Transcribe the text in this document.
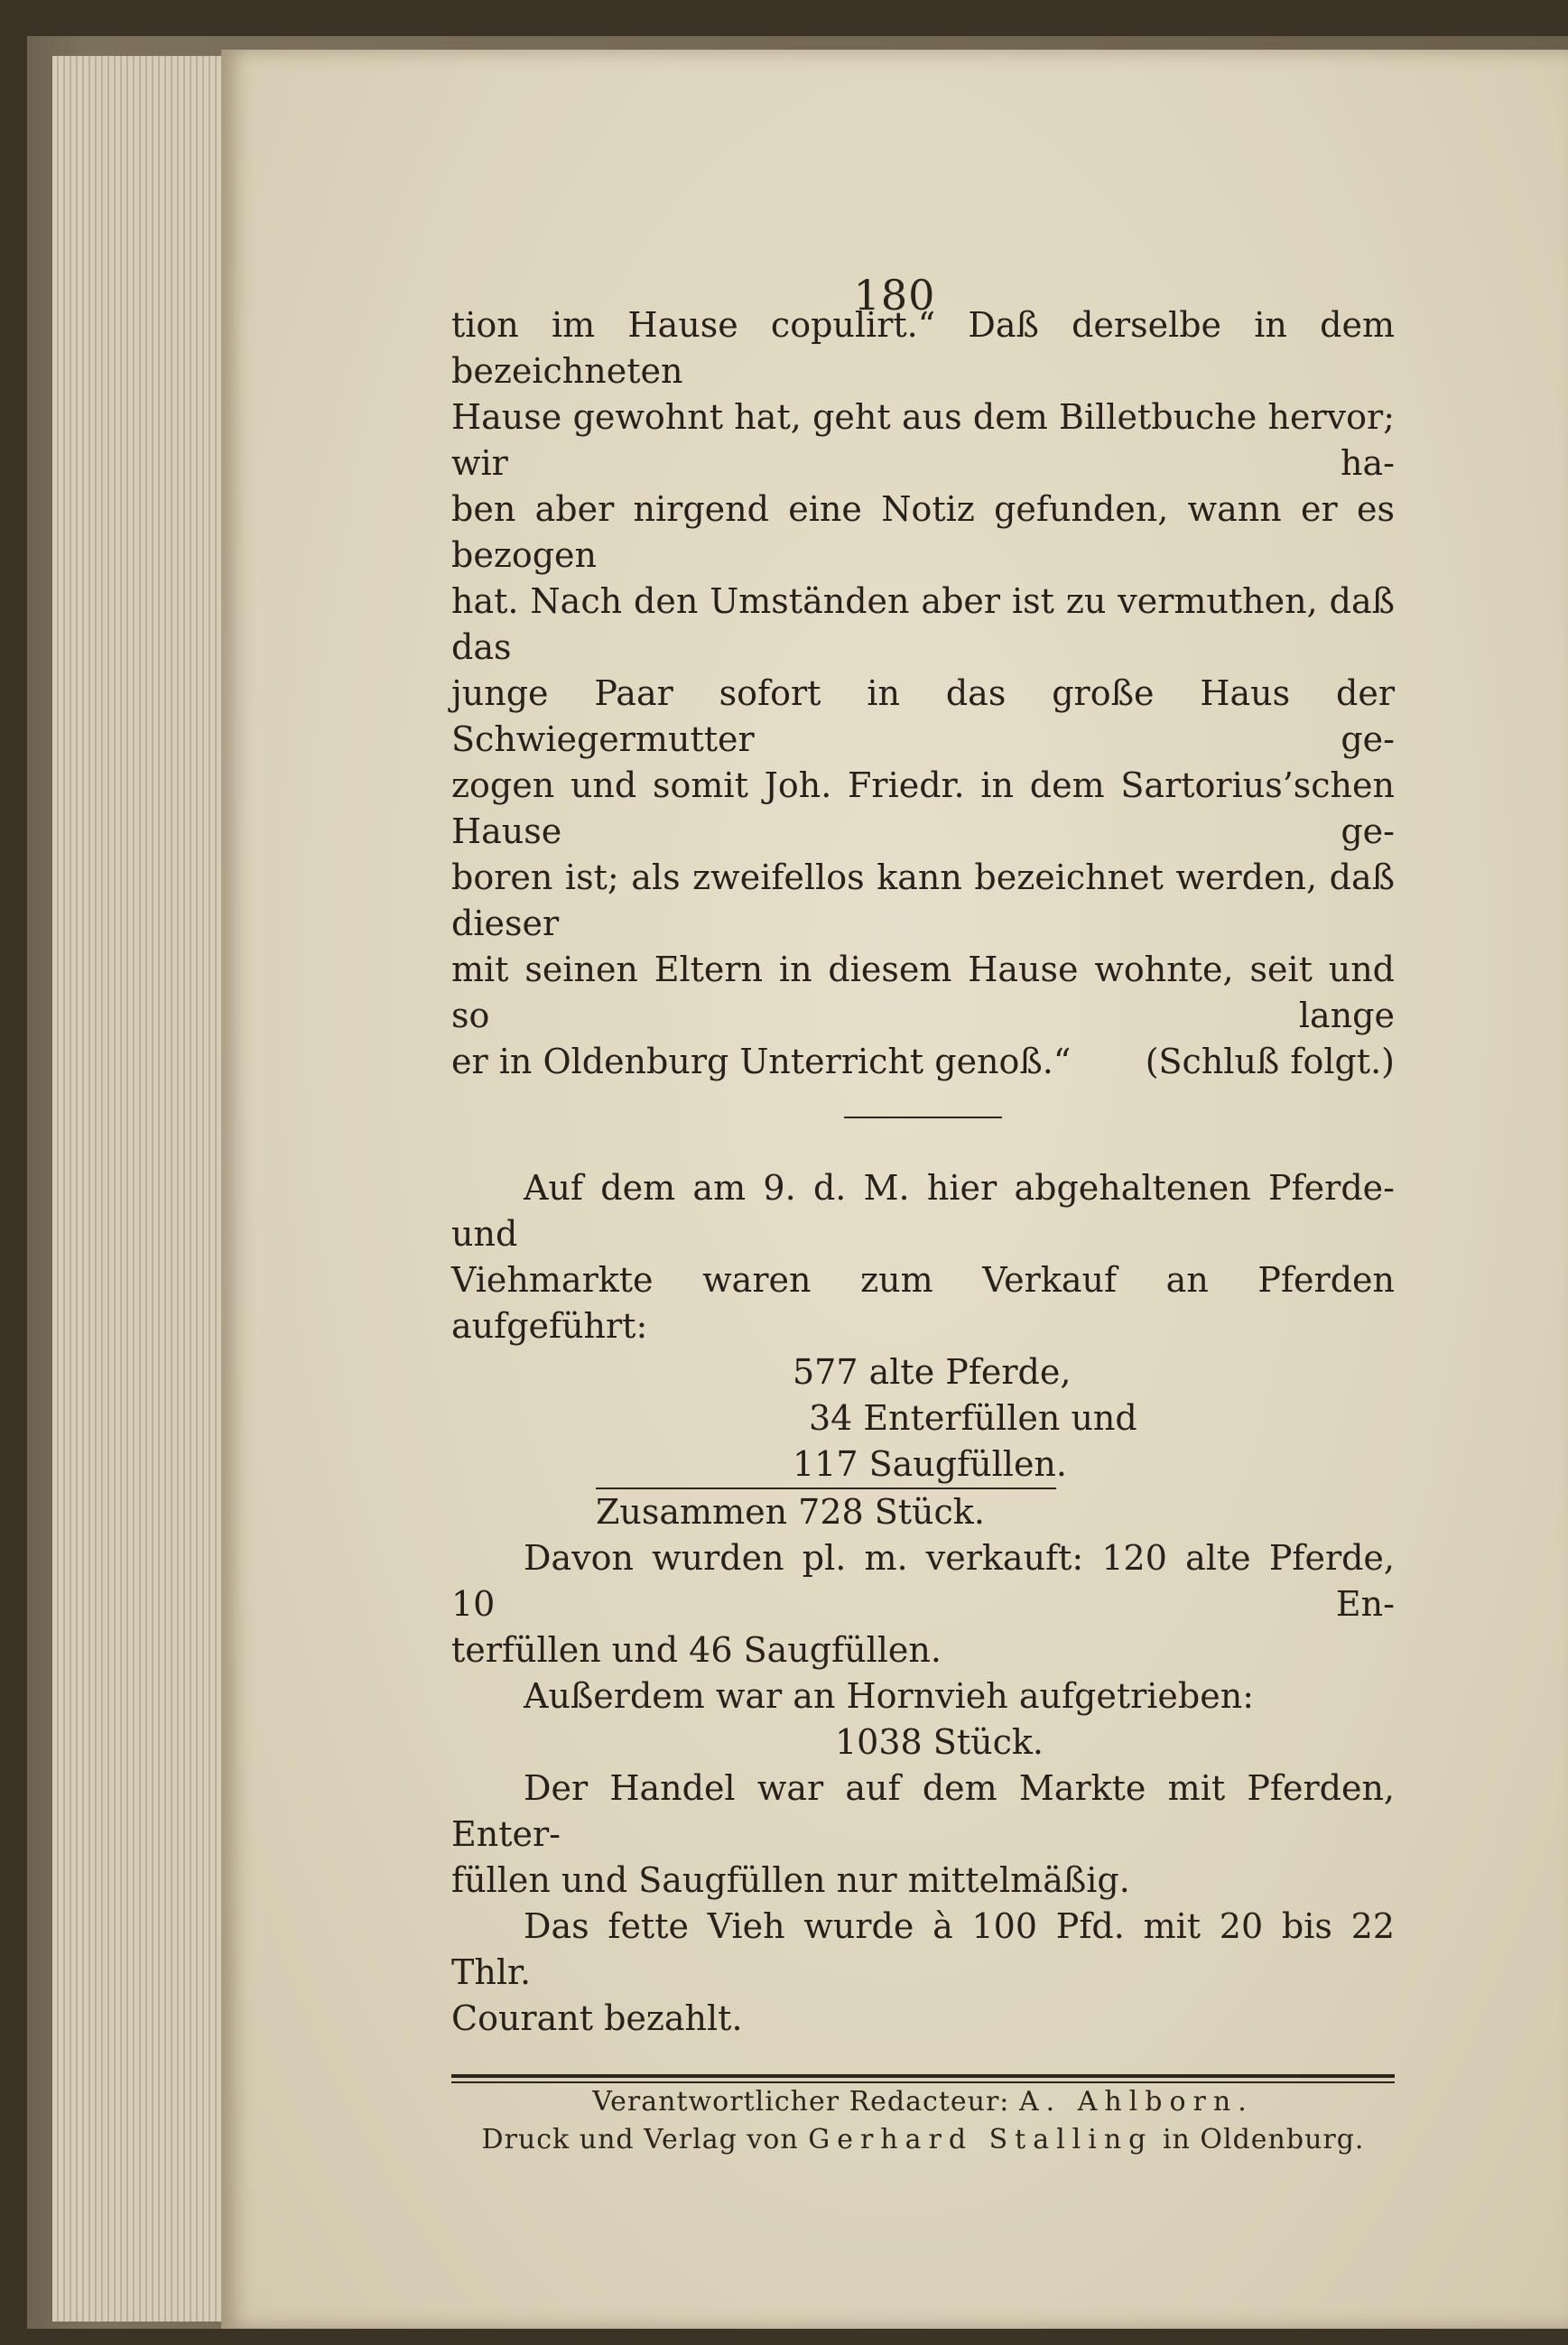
180

tion im Hause copulirt.“ Daß derselbe in dem bezeichneten

Hause gewohnt hat, geht aus dem Billetbuche hervor; wir ha-

ben aber nirgend eine Notiz gefunden, wann er es bezogen

hat. Nach den Umständen aber ist zu vermuthen, daß das

junge Paar sofort in das große Haus der Schwiegermutter ge-

zogen und somit Joh. Friedr. in dem Sartorius’schen Hause ge-

boren ist; als zweifellos kann bezeichnet werden, daß dieser

mit seinen Eltern in diesem Hause wohnte, seit und so lange

er in Oldenburg Unterricht genoß.“ (Schluß folgt.)

Auf dem am 9. d. M. hier abgehaltenen Pferde- und

Viehmarkte waren zum Verkauf an Pferden aufgeführt:

577 alte Pferde,
34 Enterfüllen und
117 Saugfüllen.
Zusammen 728 Stück.

Davon wurden pl. m. verkauft: 120 alte Pferde, 10 En-

terfüllen und 46 Saugfüllen.

Außerdem war an Hornvieh aufgetrieben:

1038 Stück.

Der Handel war auf dem Markte mit Pferden, Enter-

füllen und Saugfüllen nur mittelmäßig.

Das fette Vieh wurde à 100 Pfd. mit 20 bis 22 Thlr.

Courant bezahlt.

Verantwortlicher Redacteur: A. Ahlborn.
Druck und Verlag von Gerhard Stalling in Oldenburg.
